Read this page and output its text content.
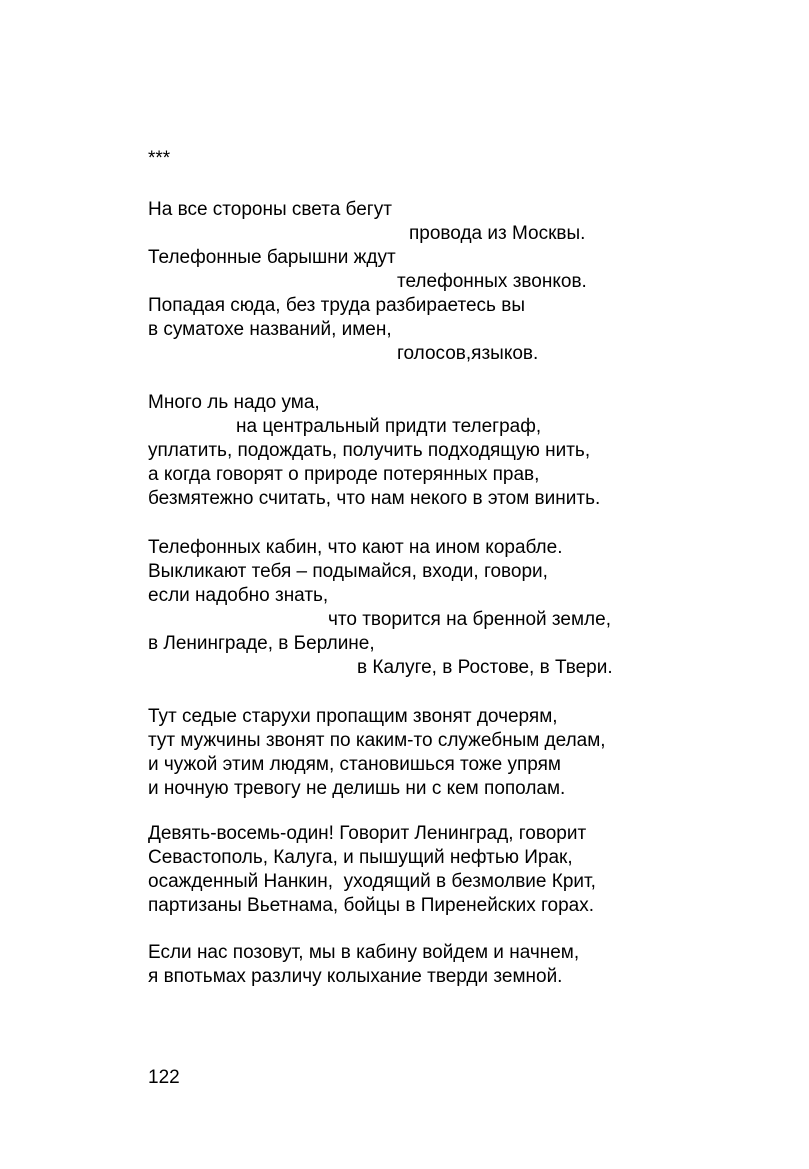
***
На все стороны света бегут
провода из Москвы.
Телефонные барышни ждут
телефонных звонков.
Попадая сюда, без труда разбираетесь вы
в суматохе названий, имен,
голосов,языков.
Много ль надо ума,
на центральный придти телеграф,
уплатить, подождать, получить подходящую нить,
а когда говорят о природе потерянных прав,
безмятежно считать, что нам некого в этом винить.
Телефонных кабин, что кают на ином корабле.
Выкликают тебя – подымайся, входи, говори,
если надобно знать,
что творится на бренной земле,
в Ленинграде, в Берлине,
в Калуге, в Ростове, в Твери.
Тут седые старухи пропащим звонят дочерям,
тут мужчины звонят по каким-то служебным делам,
и чужой этим людям, становишься тоже упрям
и ночную тревогу не делишь ни с кем пополам.
Девять-восемь-один! Говорит Ленинград, говорит
Севастополь, Калуга, и пышущий нефтью Ирак,
осажденный Нанкин,  уходящий в безмолвие Крит,
партизаны Вьетнама, бойцы в Пиренейских горах.
Если нас позовут, мы в кабину войдем и начнем,
я впотьмах различу колыхание тверди земной.
122
